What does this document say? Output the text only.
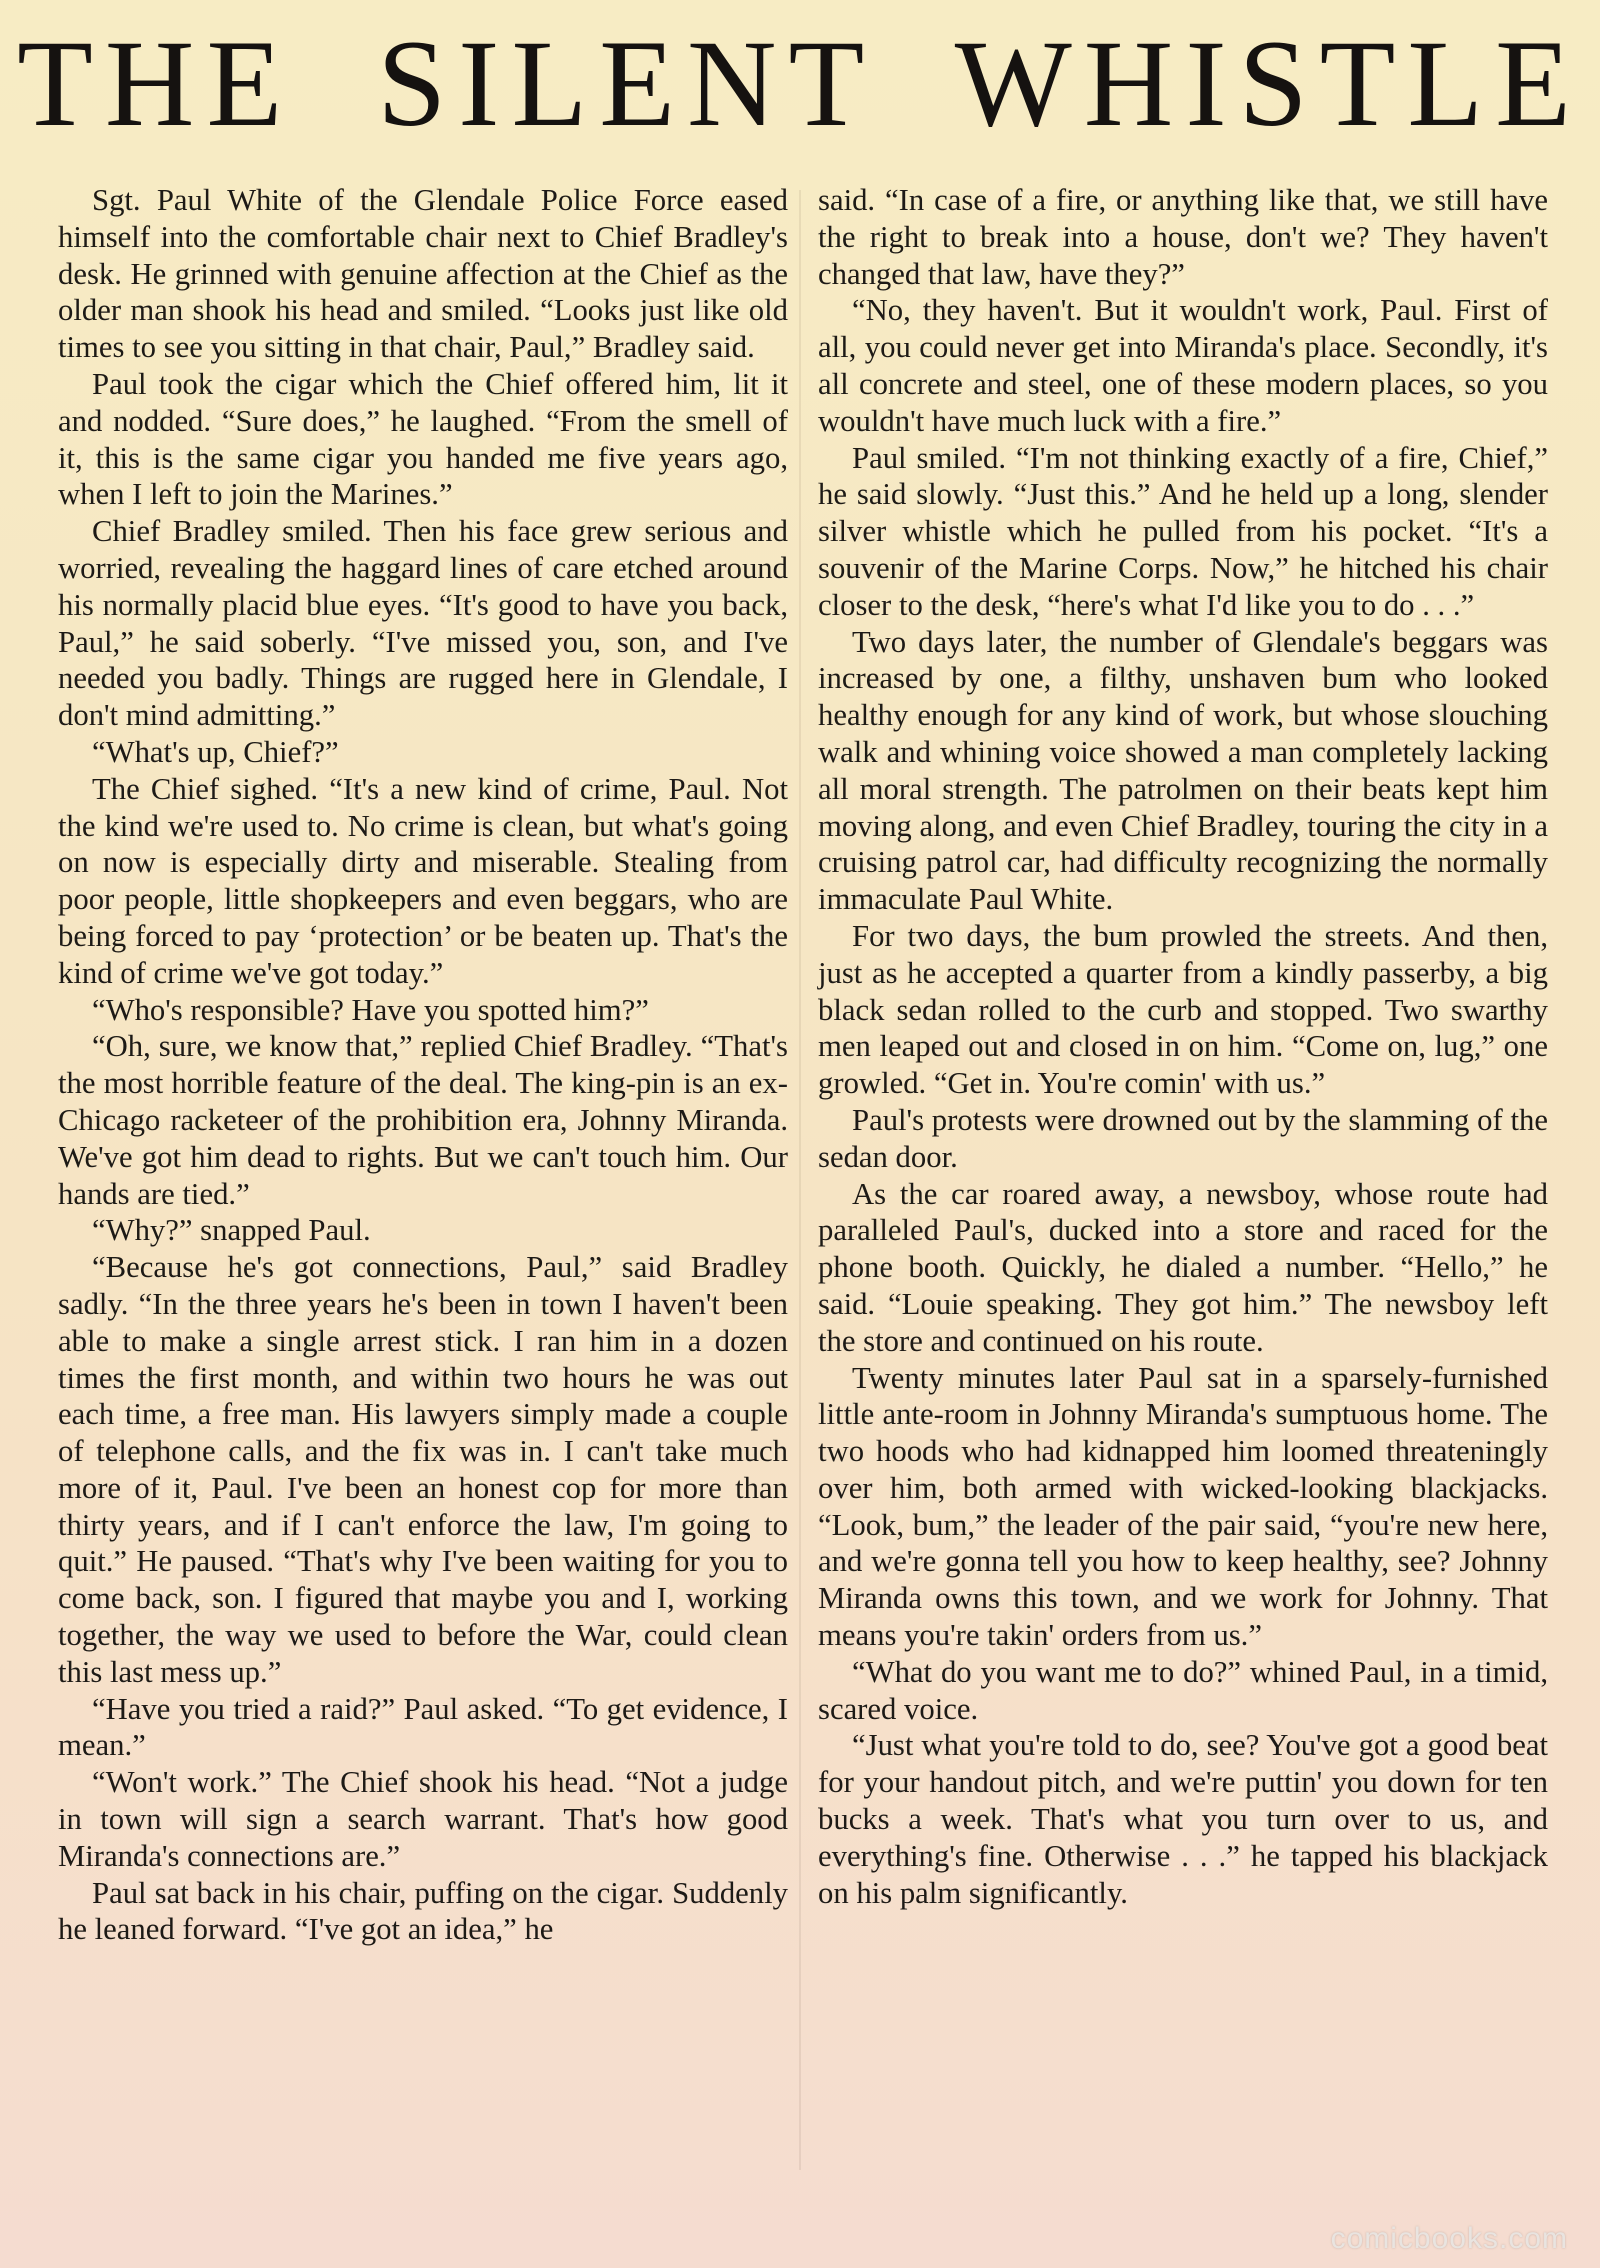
THE SILENT WHISTLE

Sgt. Paul White of the Glendale Police Force eased himself into the comfortable chair next to Chief Bradley's desk. He grinned with genuine affection at the Chief as the older man shook his head and smiled. “Looks just like old times to see you sitting in that chair, Paul,” Bradley said.

Paul took the cigar which the Chief offered him, lit it and nodded. “Sure does,” he laughed. “From the smell of it, this is the same cigar you handed me five years ago, when I left to join the Marines.”

Chief Bradley smiled. Then his face grew serious and worried, revealing the haggard lines of care etched around his normally placid blue eyes. “It's good to have you back, Paul,” he said soberly. “I've missed you, son, and I've needed you badly. Things are rugged here in Glendale, I don't mind admitting.”

“What's up, Chief?”

The Chief sighed. “It's a new kind of crime, Paul. Not the kind we're used to. No crime is clean, but what's going on now is especially dirty and miserable. Stealing from poor people, little shopkeepers and even beggars, who are being forced to pay ‘protection’ or be beaten up. That's the kind of crime we've got today.”

“Who's responsible? Have you spotted him?”

“Oh, sure, we know that,” replied Chief Bradley. “That's the most horrible feature of the deal. The king-pin is an ex-Chicago racketeer of the prohibition era, Johnny Miranda. We've got him dead to rights. But we can't touch him. Our hands are tied.”

“Why?” snapped Paul.

“Because he's got connections, Paul,” said Bradley sadly. “In the three years he's been in town I haven't been able to make a single arrest stick. I ran him in a dozen times the first month, and within two hours he was out each time, a free man. His lawyers simply made a couple of telephone calls, and the fix was in. I can't take much more of it, Paul. I've been an honest cop for more than thirty years, and if I can't enforce the law, I'm going to quit.” He paused. “That's why I've been waiting for you to come back, son. I figured that maybe you and I, working together, the way we used to before the War, could clean this last mess up.”

“Have you tried a raid?” Paul asked. “To get evidence, I mean.”

“Won't work.” The Chief shook his head. “Not a judge in town will sign a search warrant. That's how good Miranda's connections are.”

Paul sat back in his chair, puffing on the cigar. Suddenly he leaned forward. “I've got an idea,” he

said. “In case of a fire, or anything like that, we still have the right to break into a house, don't we? They haven't changed that law, have they?”

“No, they haven't. But it wouldn't work, Paul. First of all, you could never get into Miranda's place. Secondly, it's all concrete and steel, one of these modern places, so you wouldn't have much luck with a fire.”

Paul smiled. “I'm not thinking exactly of a fire, Chief,” he said slowly. “Just this.” And he held up a long, slender silver whistle which he pulled from his pocket. “It's a souvenir of the Marine Corps. Now,” he hitched his chair closer to the desk, “here's what I'd like you to do . . .”

Two days later, the number of Glendale's beggars was increased by one, a filthy, unshaven bum who looked healthy enough for any kind of work, but whose slouching walk and whining voice showed a man completely lacking all moral strength. The patrolmen on their beats kept him moving along, and even Chief Bradley, touring the city in a cruising patrol car, had difficulty recognizing the normally immaculate Paul White.

For two days, the bum prowled the streets. And then, just as he accepted a quarter from a kindly passerby, a big black sedan rolled to the curb and stopped. Two swarthy men leaped out and closed in on him. “Come on, lug,” one growled. “Get in. You're comin' with us.”

Paul's protests were drowned out by the slamming of the sedan door.

As the car roared away, a newsboy, whose route had paralleled Paul's, ducked into a store and raced for the phone booth. Quickly, he dialed a number. “Hello,” he said. “Louie speaking. They got him.” The newsboy left the store and continued on his route.

Twenty minutes later Paul sat in a sparsely-furnished little ante-room in Johnny Miranda's sumptuous home. The two hoods who had kidnapped him loomed threateningly over him, both armed with wicked-looking blackjacks. “Look, bum,” the leader of the pair said, “you're new here, and we're gonna tell you how to keep healthy, see? Johnny Miranda owns this town, and we work for Johnny. That means you're takin' orders from us.”

“What do you want me to do?” whined Paul, in a timid, scared voice.

“Just what you're told to do, see? You've got a good beat for your handout pitch, and we're puttin' you down for ten bucks a week. That's what you turn over to us, and everything's fine. Otherwise . . .” he tapped his blackjack on his palm significantly.

comicbooks.com
